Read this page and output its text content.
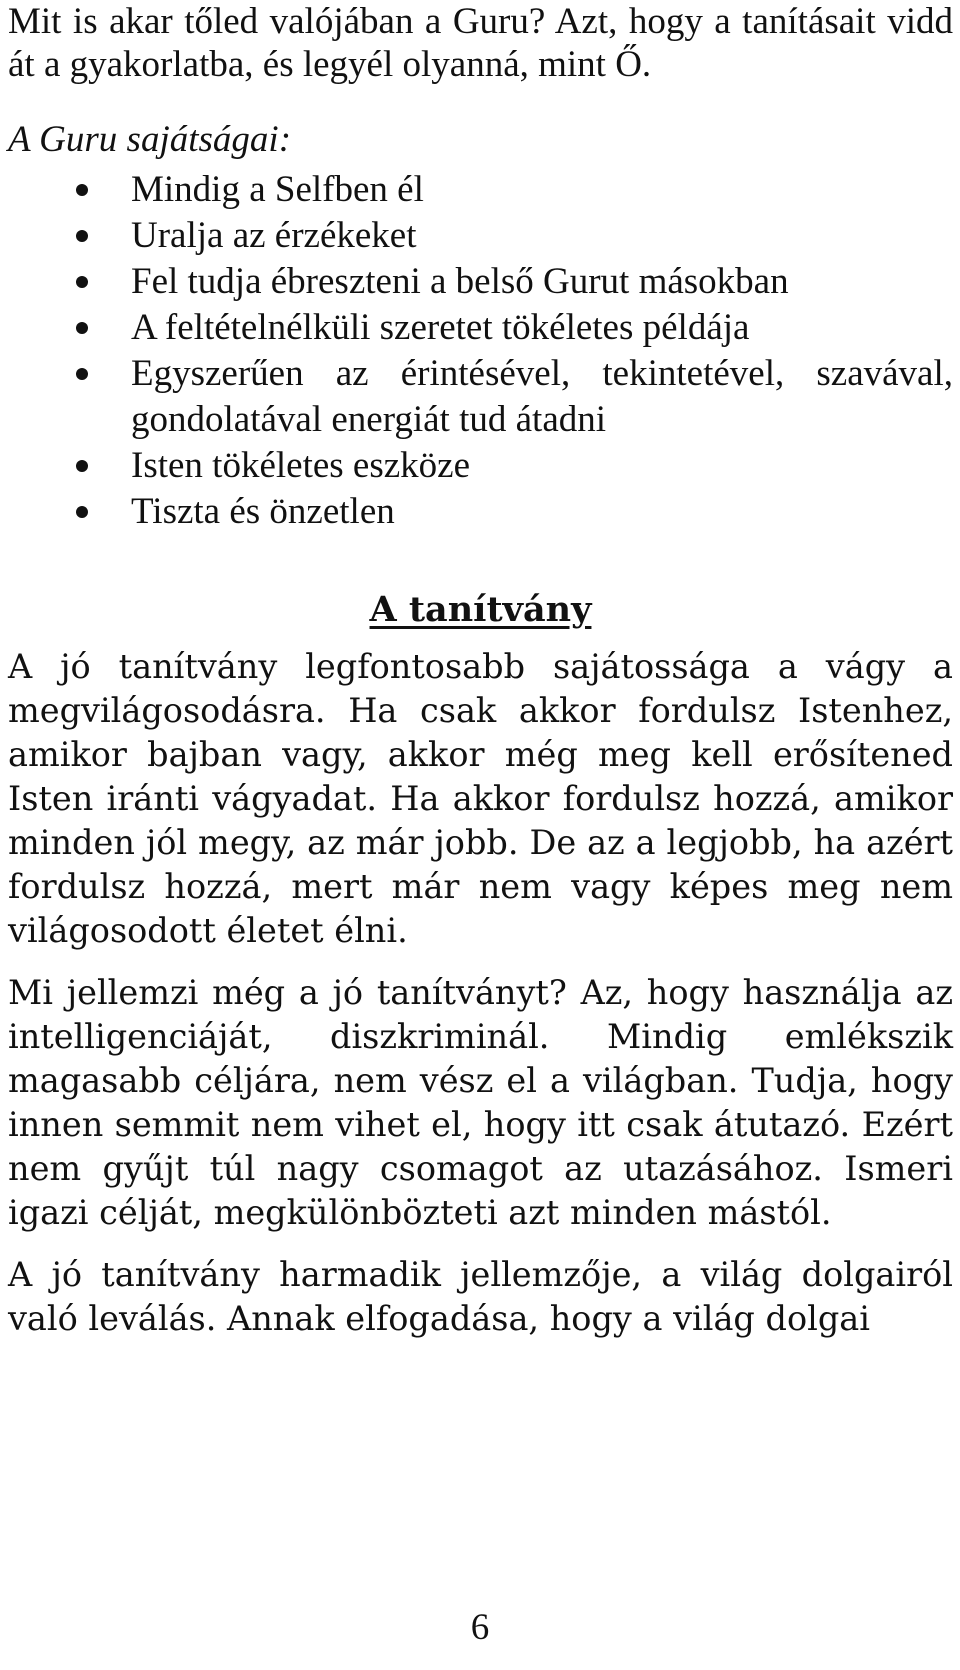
Mit is akar tőled valójában a Guru? Azt, hogy a tanításait vidd át a gyakorlatba, és legyél olyanná, mint Ő.

A Guru sajátságai:

Mindig a Selfben él
Uralja az érzékeket
Fel tudja ébreszteni a belső Gurut másokban
A feltételnélküli szeretet tökéletes példája
Egyszerűen az érintésével, tekintetével, szavával, gondolatával energiát tud átadni
Isten tökéletes eszköze
Tiszta és önzetlen
A tanítvány

A jó tanítvány legfontosabb sajátossága a vágy a megvilágosodásra. Ha csak akkor fordulsz Istenhez, amikor bajban vagy, akkor még meg kell erősítened Isten iránti vágyadat. Ha akkor fordulsz hozzá, amikor minden jól megy, az már jobb. De az a legjobb, ha azért fordulsz hozzá, mert már nem vagy képes meg nem világosodott életet élni.

Mi jellemzi még a jó tanítványt? Az, hogy használja az intelligenciáját, diszkriminál. Mindig emlékszik magasabb céljára, nem vész el a világban. Tudja, hogy innen semmit nem vihet el, hogy itt csak átutazó. Ezért nem gyűjt túl nagy csomagot az utazásához. Ismeri igazi célját, megkülönbözteti azt minden mástól.

A jó tanítvány harmadik jellemzője, a világ dolgairól való leválás. Annak elfogadása, hogy a világ dolgai

6
